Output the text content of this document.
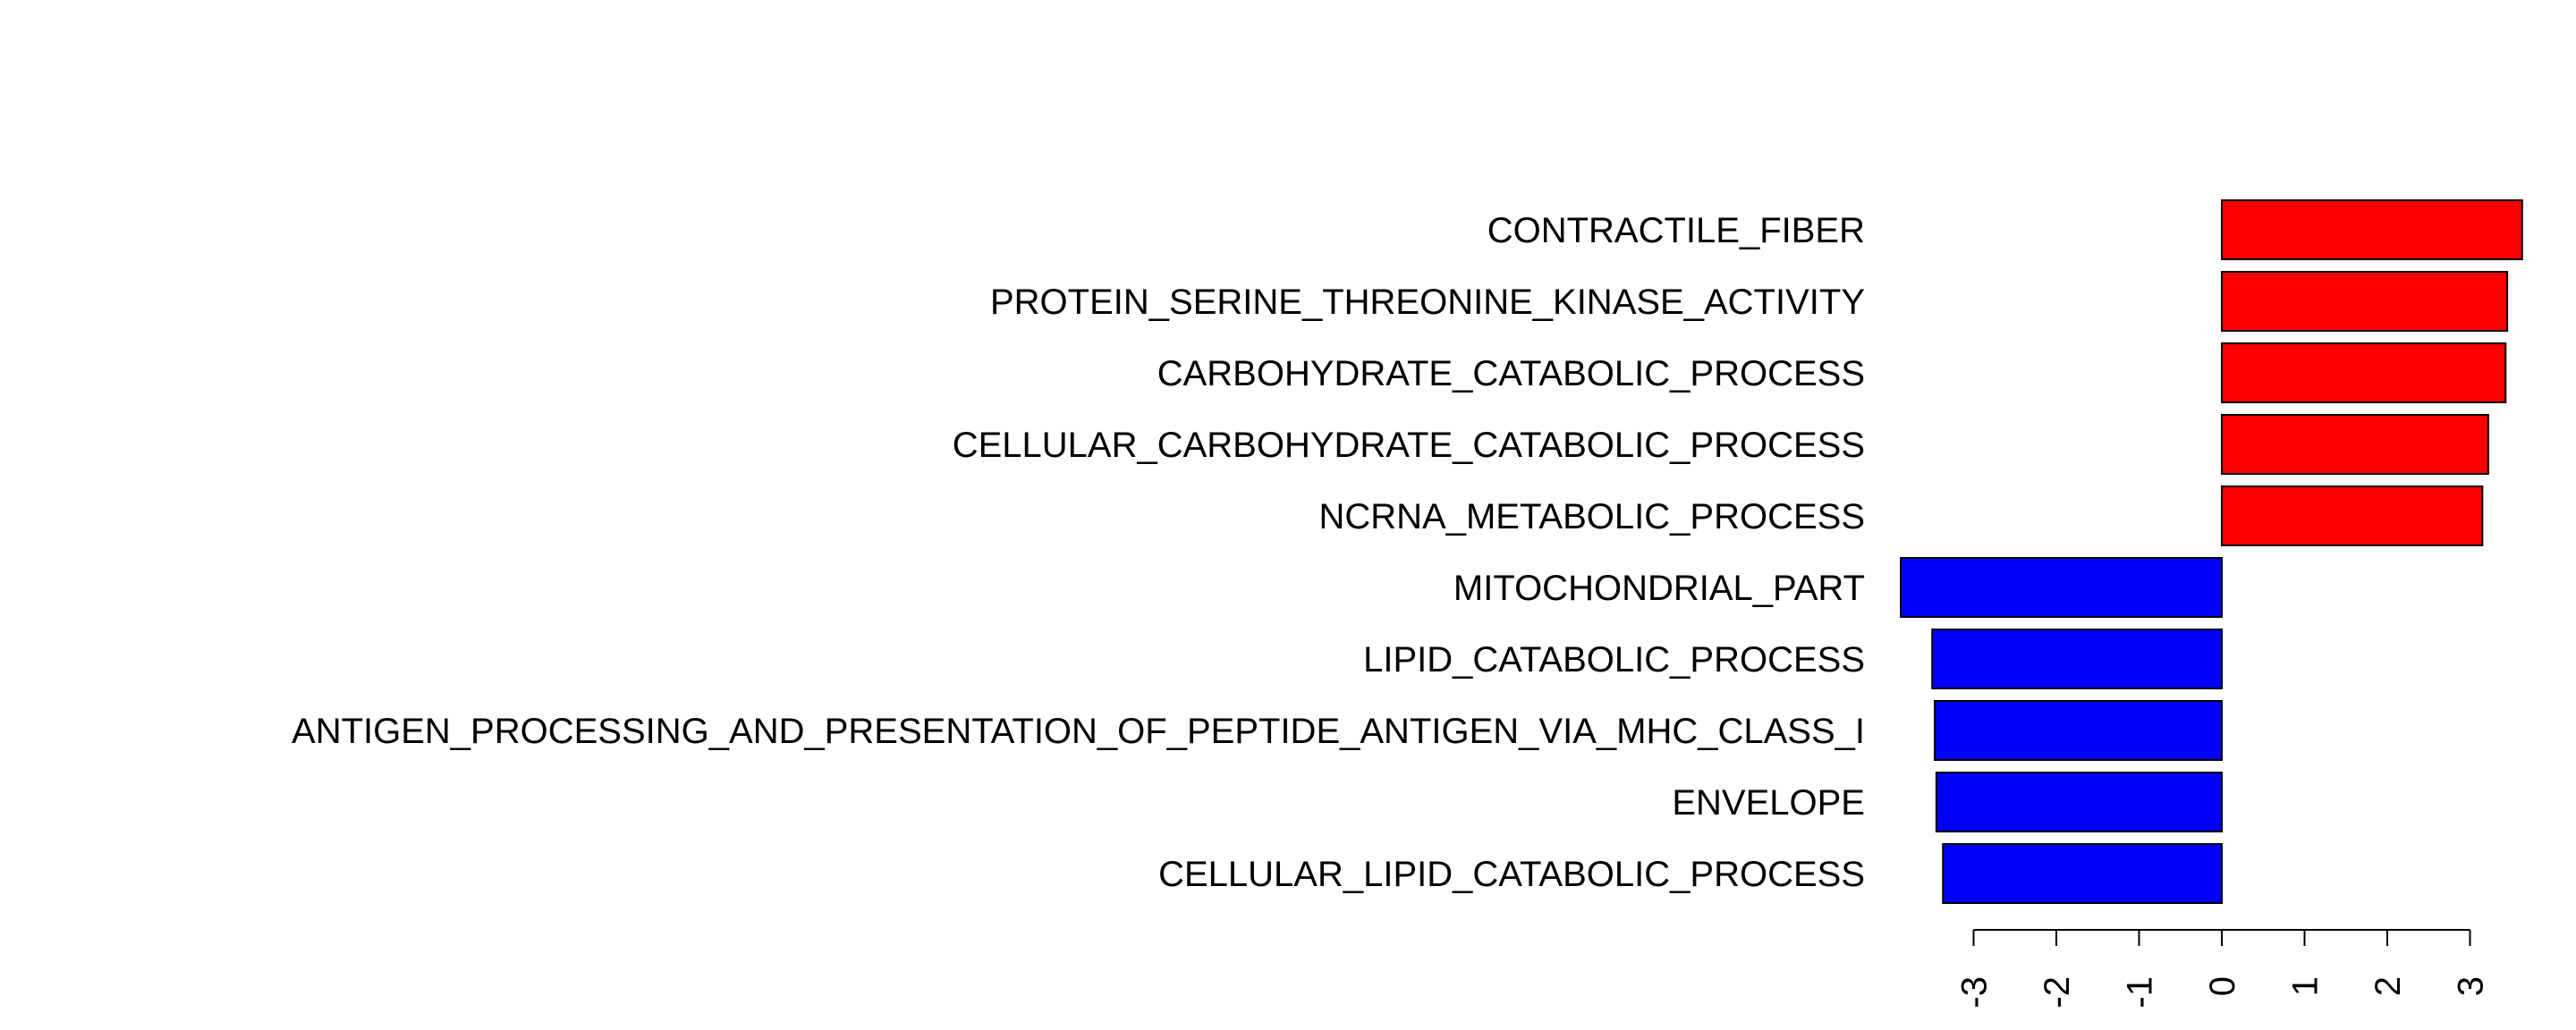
CONTRACTILE_FIBER
PROTEIN_SERINE_THREONINE_KINASE_ACTIVITY
CARBOHYDRATE_CATABOLIC_PROCESS
CELLULAR_CARBOHYDRATE_CATABOLIC_PROCESS
NCRNA_METABOLIC_PROCESS
MITOCHONDRIAL_PART
LIPID_CATABOLIC_PROCESS
ANTIGEN_PROCESSING_AND_PRESENTATION_OF_PEPTIDE_ANTIGEN_VIA_MHC_CLASS_I
ENVELOPE
CELLULAR_LIPID_CATABOLIC_PROCESS
-3 -2 -1 0 1 2 3
